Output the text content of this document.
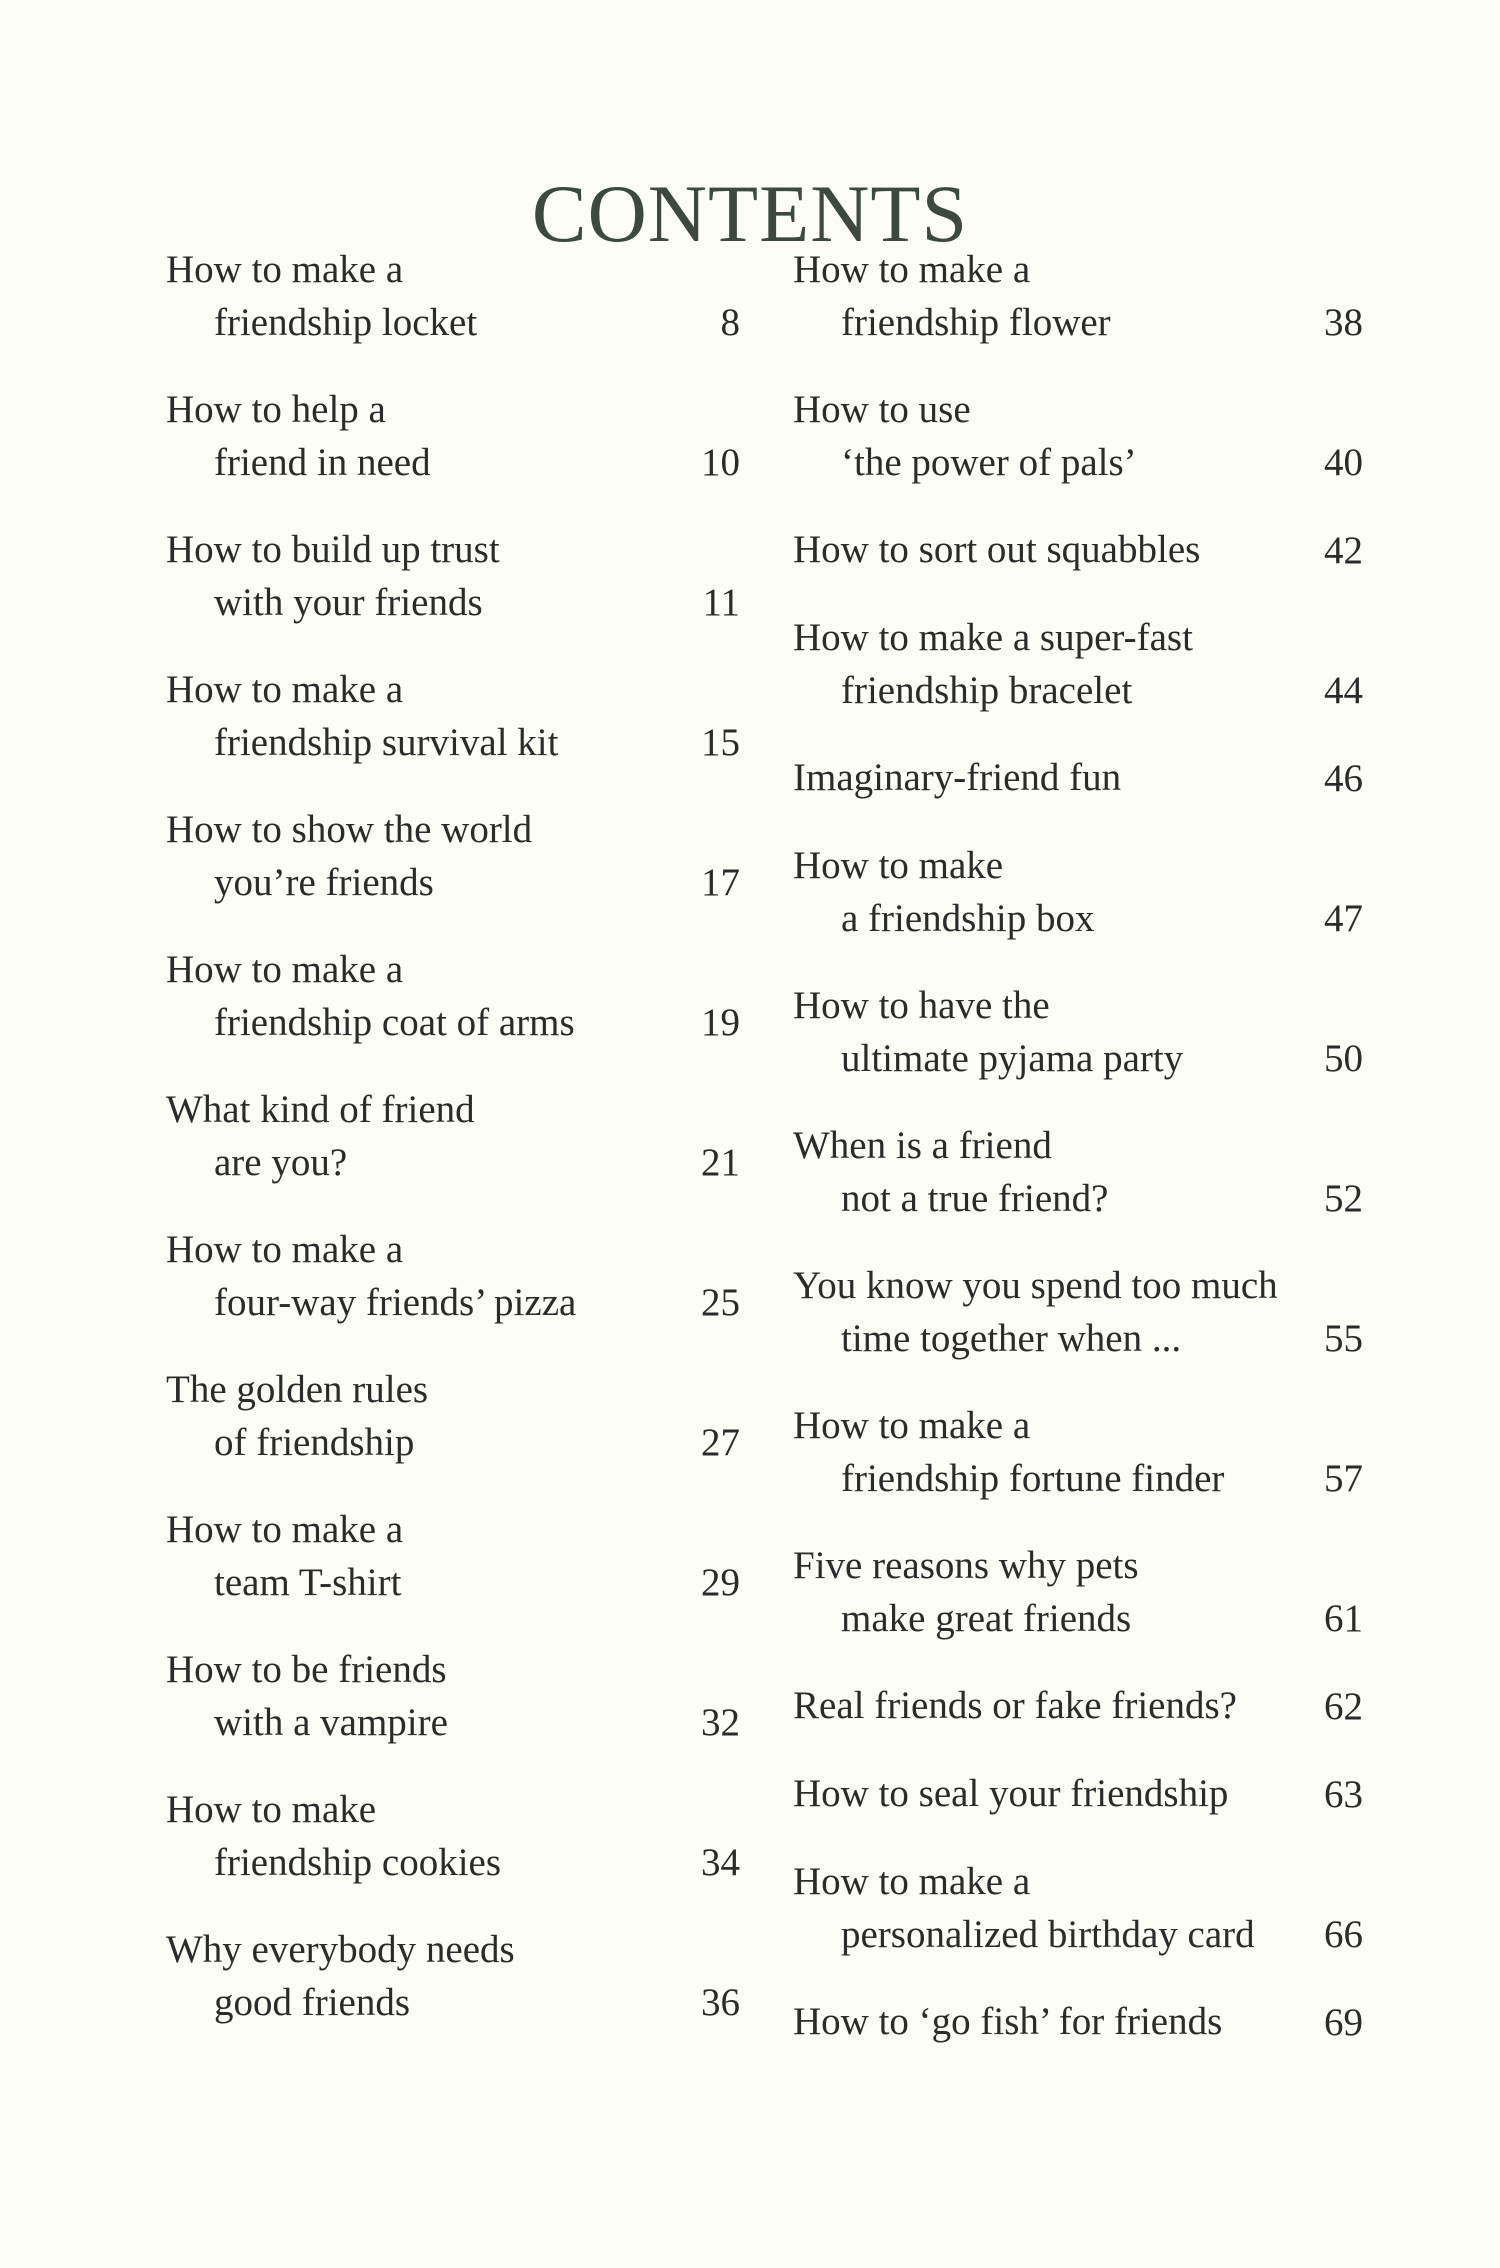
CONTENTS
How to make a
friendship locket	8
How to help a
friend in need	10
How to build up trust
with your friends	11
How to make a
friendship survival kit	15
How to show the world
you’re friends	17
How to make a
friendship coat of arms	19
What kind of friend
are you?	21
How to make a
four-way friends’ pizza	25
The golden rules
of friendship	27
How to make a
team T-shirt	29
How to be friends
with a vampire	32
How to make
friendship cookies	34
Why everybody needs
good friends	36
How to make a
friendship flower	38
How to use
‘the power of pals’	40
How to sort out squabbles	42
How to make a super-fast
friendship bracelet	44
Imaginary-friend fun	46
How to make
a friendship box	47
How to have the
ultimate pyjama party	50
When is a friend
not a true friend?	52
You know you spend too much
time together when ...	55
How to make a
friendship fortune finder	57
Five reasons why pets
make great friends	61
Real friends or fake friends?	62
How to seal your friendship	63
How to make a
personalized birthday card	66
How to ‘go fish’ for friends	69
